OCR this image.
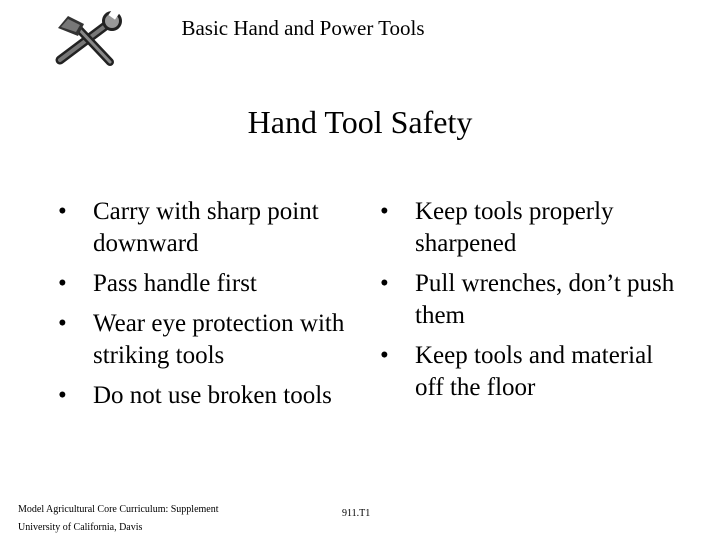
Basic Hand and Power Tools
Hand Tool Safety
• Carry with sharp point downward
• Pass handle first
• Wear eye protection with striking tools
• Do not use broken tools
• Keep tools properly sharpened
• Pull wrenches, don’t push them
• Keep tools and material off the floor
Model Agricultural Core Curriculum: Supplement
University of California, Davis
911.T1
